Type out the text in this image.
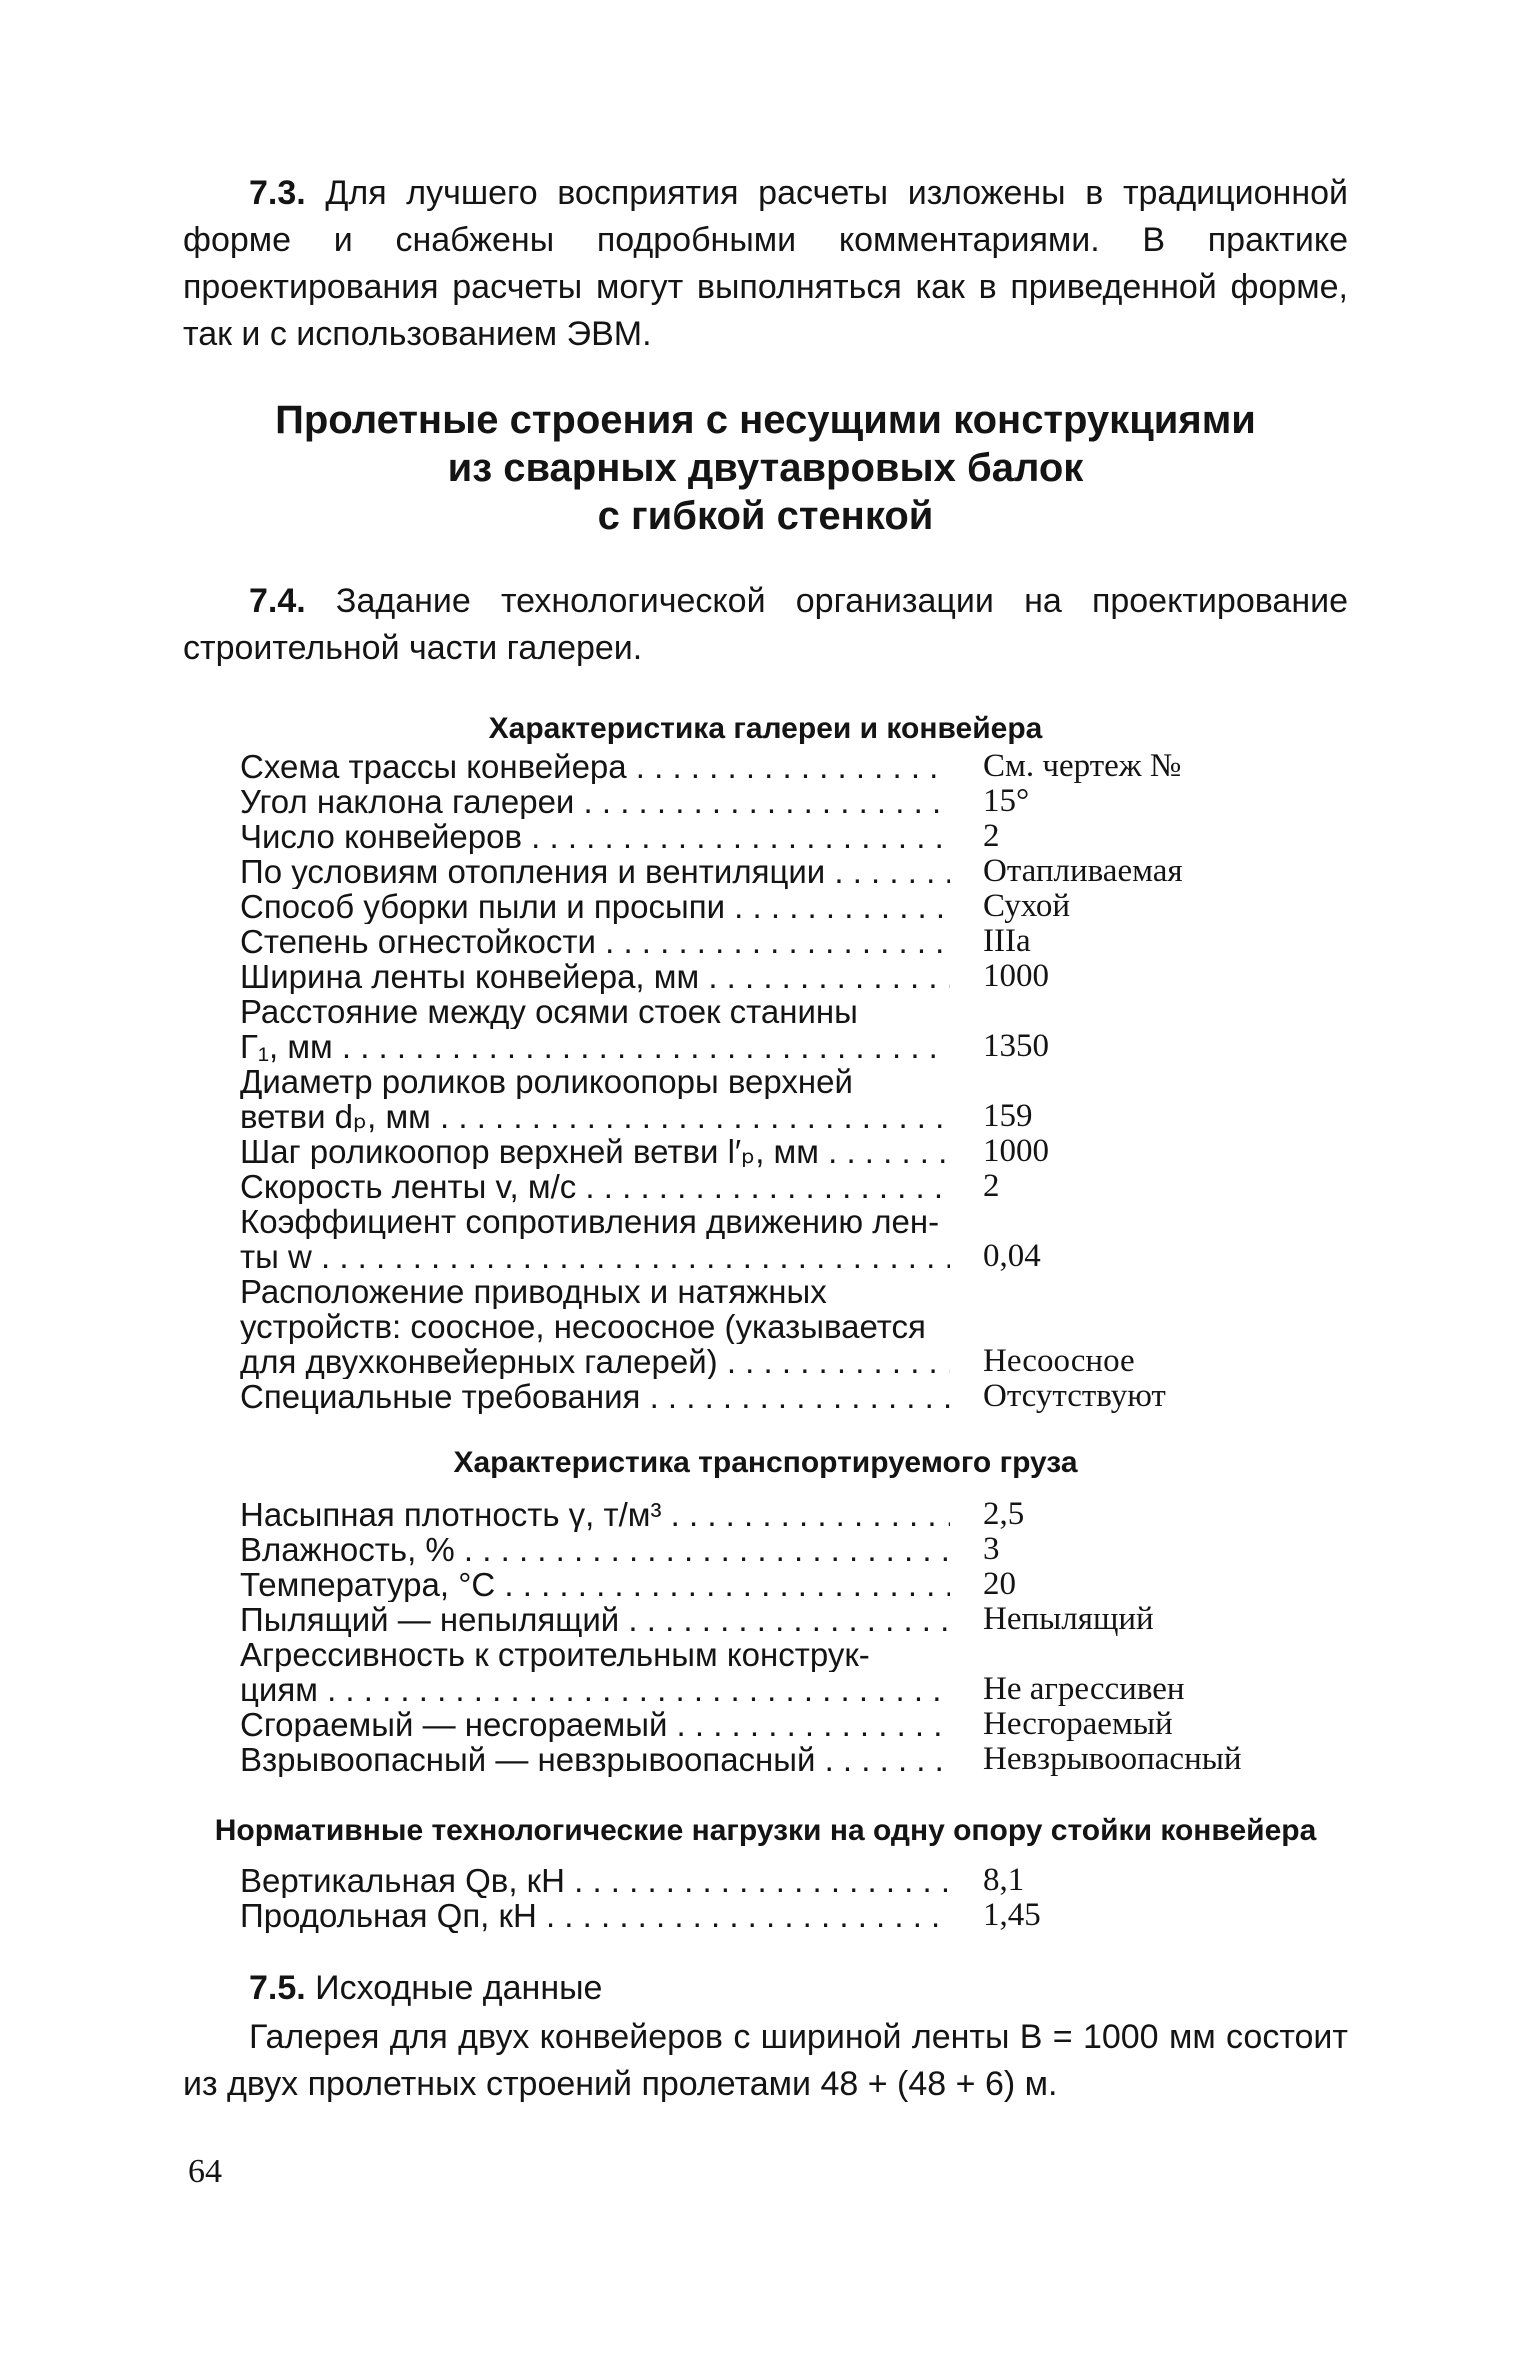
7.3. Для лучшего восприятия расчеты изложены в традиционной форме и снабжены подробными комментариями. В практике проектирования расчеты могут выполняться как в приведенной форме, так и с использованием ЭВМ.

Пролетные строения с несущими конструкциями
из сварных двутавровых балок
с гибкой стенкой

7.4. Задание технологической организации на проектирование строительной части галереи.

Характеристика галереи и конвейера
Схема трассы конвейера . . .	См. чертеж №
Угол наклона галереи . . .	15°
Число конвейеров . . .	2
По условиям отопления и вентиляции . . .	Отапливаемая
Способ уборки пыли и просыпи . . .	Сухой
Степень огнестойкости . . .	IIIa
Ширина ленты конвейера, мм . . .	1000
Расстояние между осями стоек станины
Г₁, мм . . .	1350
Диаметр роликов роликоопоры верхней
ветви dₚ, мм . . .	159
Шаг роликоопор верхней ветви l′ₚ, мм . . .	1000
Скорость ленты v, м/с . . .	2
Коэффициент сопротивления движению лен-
ты w . . .	0,04
Расположение приводных и натяжных
устройств: соосное, несоосное (указывается
для двухконвейерных галерей) . . .	Несоосное
Специальные требования . . .	Отсутствуют
Характеристика транспортируемого груза
Насыпная плотность γ, т/м³ . . .	2,5
Влажность, % . . .	3
Температура, °С . . .	20
Пылящий — непылящий . . .	Непылящий
Агрессивность к строительным конструк-
циям . . .	Не агрессивен
Сгораемый — несгораемый . . .	Несгораемый
Взрывоопасный — невзрывоопасный . . .	Невзрывоопасный
Нормативные технологические нагрузки на одну опору стойки конвейера
Вертикальная Qв, кН . . .	8,1
Продольная Qп, кН . . .	1,45

7.5. Исходные данные

Галерея для двух конвейеров с шириной ленты В = 1000 мм состоит из двух пролетных строений пролетами 48 + (48 + 6) м.

64
